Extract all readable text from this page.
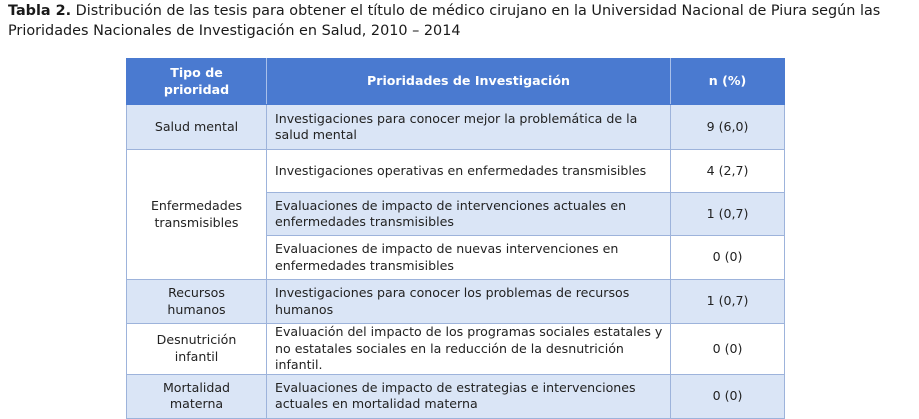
Tabla 2. Distribución de las tesis para obtener el título de médico cirujano en la Universidad Nacional de Piura según las Prioridades Nacionales de Investigación en Salud, 2010 – 2014
Tipo de prioridad	Prioridades de Investigación	n (%)
Salud mental	Investigaciones para conocer mejor la problemática de la salud mental	9 (6,0)
Enfermedades transmisibles	Investigaciones operativas en enfermedades transmisibles	4 (2,7)
	Evaluaciones de impacto de intervenciones actuales en enfermedades transmisibles	1 (0,7)
	Evaluaciones de impacto de nuevas intervenciones en enfermedades transmisibles	0 (0)
Recursos humanos	Investigaciones para conocer los problemas de recursos humanos	1 (0,7)
Desnutrición infantil	Evaluación del impacto de los programas sociales estatales y no estatales sociales en la reducción de la desnutrición infantil.	0 (0)
Mortalidad materna	Evaluaciones de impacto de estrategias e intervenciones actuales en mortalidad materna	0 (0)
